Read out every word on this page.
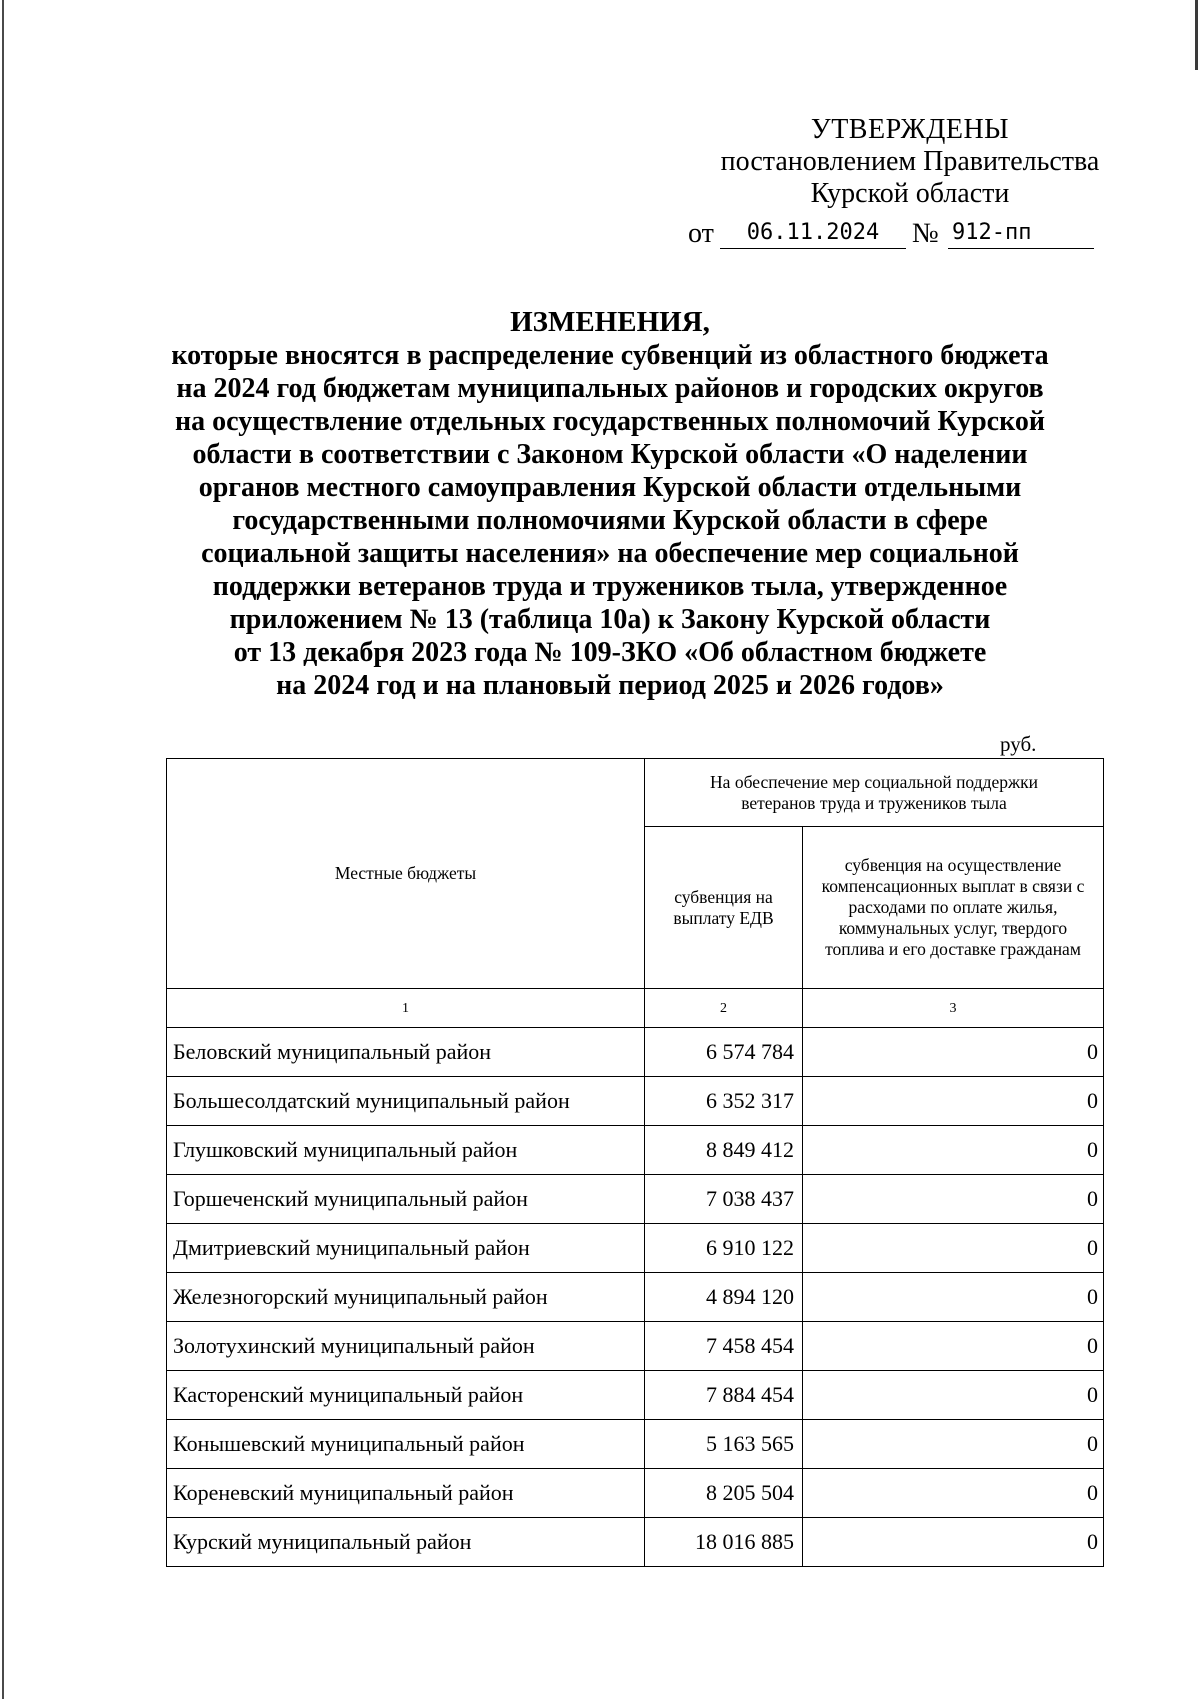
УТВЕРЖДЕНЫ
постановлением Правительства
Курской области
от	06.11.2024	№ 912-пп
ИЗМЕНЕНИЯ,
которые вносятся в распределение субвенций из областного бюджета
на 2024 год бюджетам муниципальных районов и городских округов
на осуществление отдельных государственных полномочий Курской
области в соответствии с Законом Курской области «О наделении
органов местного самоуправления Курской области отдельными
государственными полномочиями Курской области в сфере
социальной защиты населения» на обеспечение мер социальной
поддержки ветеранов труда и тружеников тыла, утвержденное
приложением № 13 (таблица 10а) к Закону Курской области
от 13 декабря 2023 года № 109-ЗКО «Об областном бюджете
на 2024 год и на плановый период 2025 и 2026 годов»
руб.
Местные бюджеты	На обеспечение мер социальной поддержки ветеранов труда и тружеников тыла	
	субвенция на выплату ЕДВ	субвенция на осуществление компенсационных выплат в связи с расходами по оплате жилья, коммунальных услуг, твердого топлива и его доставке гражданам
1	2	3
Беловский муниципальный район	6 574 784	0
Большесолдатский муниципальный район	6 352 317	0
Глушковский муниципальный район	8 849 412	0
Горшеченский муниципальный район	7 038 437	0
Дмитриевский муниципальный район	6 910 122	0
Железногорский муниципальный район	4 894 120	0
Золотухинский муниципальный район	7 458 454	0
Касторенский муниципальный район	7 884 454	0
Конышевский муниципальный район	5 163 565	0
Кореневский муниципальный район	8 205 504	0
Курский муниципальный район	18 016 885	0
